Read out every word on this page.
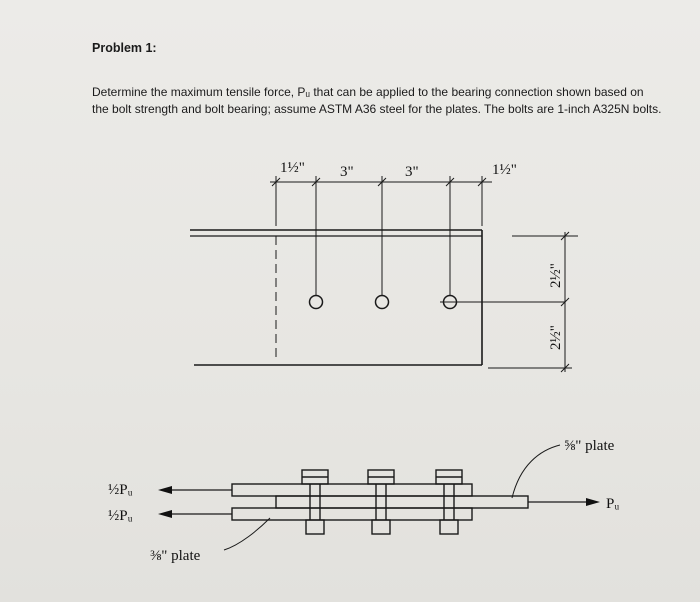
Problem 1:
Determine the maximum tensile force, Pᵤ that can be applied to the bearing connection shown based on the bolt strength and bolt bearing; assume ASTM A36 steel for the plates. The bolts are 1-inch A325N bolts.
1½" 3"	3"	1½"
2½"
2½"
⅝" plate
⅜" plate
½Pᵤ
½Pᵤ
Pᵤ
